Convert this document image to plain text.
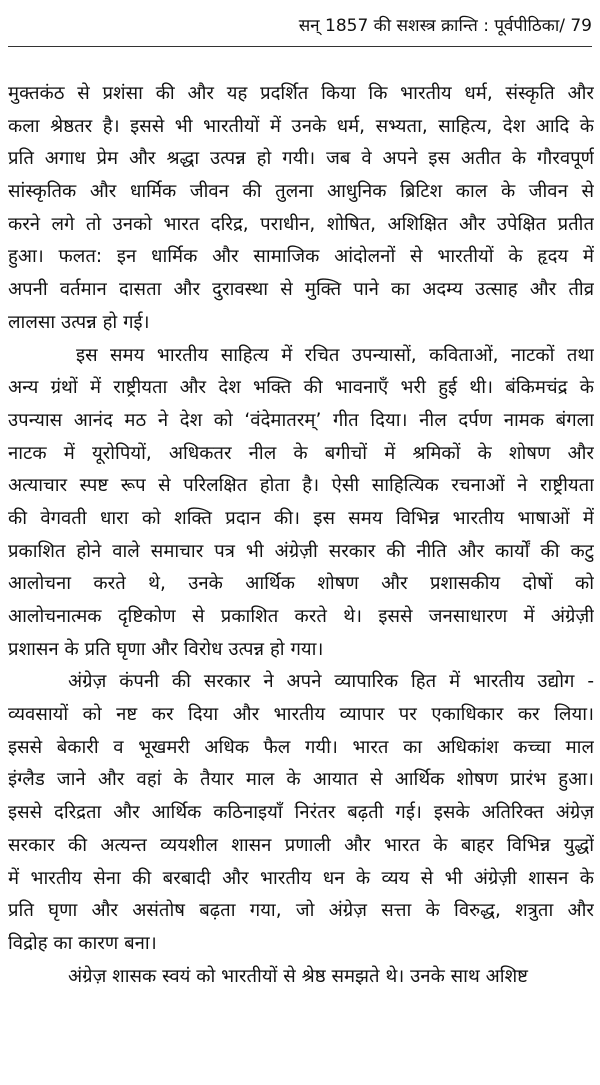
सन् 1857 की सशस्त्र क्रान्ति : पूर्वपीठिका/ 79
मुक्तकंठ से प्रशंसा की और यह प्रदर्शित किया कि भारतीय धर्म, संस्कृति और
कला श्रेष्ठतर है। इससे भी भारतीयों में उनके धर्म, सभ्यता, साहित्य, देश आदि के
प्रति अगाध प्रेम और श्रद्धा उत्पन्न हो गयी। जब वे अपने इस अतीत के गौरवपूर्ण
सांस्कृतिक और धार्मिक जीवन की तुलना आधुनिक ब्रिटिश काल के जीवन से
करने लगे तो उनको भारत दरिद्र, पराधीन, शोषित, अशिक्षित और उपेक्षित प्रतीत
हुआ। फलत: इन धार्मिक और सामाजिक आंदोलनों से भारतीयों के हृदय में
अपनी वर्तमान दासता और दुरावस्था से मुक्ति पाने का अदम्य उत्साह और तीव्र
लालसा उत्पन्न हो गई।
इस समय भारतीय साहित्य में रचित उपन्यासों, कविताओं, नाटकों तथा
अन्य ग्रंथों में राष्ट्रीयता और देश भक्ति की भावनाएँ भरी हुई थी। बंकिमचंद्र के
उपन्यास आनंद मठ ने देश को ‘वंदेमातरम्’ गीत दिया। नील दर्पण नामक बंगला
नाटक में यूरोपियों, अधिकतर नील के बगीचों में श्रमिकों के शोषण और
अत्याचार स्पष्ट रूप से परिलक्षित होता है। ऐसी साहित्यिक रचनाओं ने राष्ट्रीयता
की वेगवती धारा को शक्ति प्रदान की। इस समय विभिन्न भारतीय भाषाओं में
प्रकाशित होने वाले समाचार पत्र भी अंग्रेज़ी सरकार की नीति और कार्यों की कटु
आलोचना करते थे, उनके आर्थिक शोषण और प्रशासकीय दोषों को
आलोचनात्मक दृष्टिकोण से प्रकाशित करते थे। इससे जनसाधारण में अंग्रेज़ी
प्रशासन के प्रति घृणा और विरोध उत्पन्न हो गया।
अंग्रेज़ कंपनी की सरकार ने अपने व्यापारिक हित में भारतीय उद्योग -
व्यवसायों को नष्ट कर दिया और भारतीय व्यापार पर एकाधिकार कर लिया।
इससे बेकारी व भूखमरी अधिक फैल गयी। भारत का अधिकांश कच्चा माल
इंग्लैड जाने और वहां के तैयार माल के आयात से आर्थिक शोषण प्रारंभ हुआ।
इससे दरिद्रता और आर्थिक कठिनाइयाँ निरंतर बढ़ती गई। इसके अतिरिक्त अंग्रेज़
सरकार की अत्यन्त व्ययशील शासन प्रणाली और भारत के बाहर विभिन्न युद्धों
में भारतीय सेना की बरबादी और भारतीय धन के व्यय से भी अंग्रेज़ी शासन के
प्रति घृणा और असंतोष बढ़ता गया, जो अंग्रेज़ सत्ता के विरुद्ध, शत्रुता और
विद्रोह का कारण बना।
अंग्रेज़ शासक स्वयं को भारतीयों से श्रेष्ठ समझते थे। उनके साथ अशिष्ट
